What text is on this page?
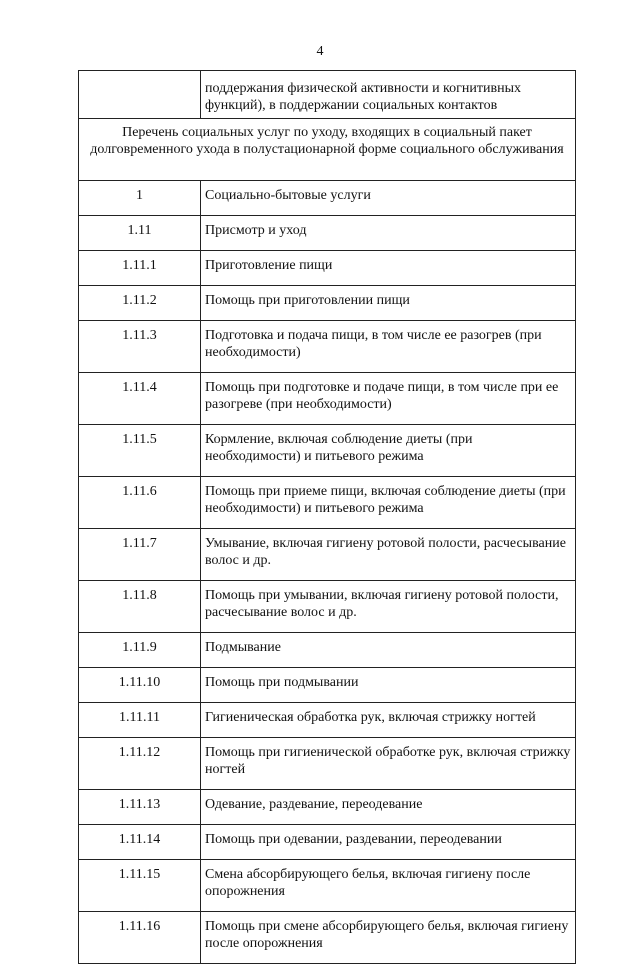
4
	поддержания физической активности и когнитивных функций), в поддержании социальных контактов
Перечень социальных услуг по уходу, входящих в социальный пакет долговременного ухода в полустационарной форме социального обслуживания	
1	Социально-бытовые услуги
1.11	Присмотр и уход
1.11.1	Приготовление пищи
1.11.2	Помощь при приготовлении пищи
1.11.3	Подготовка и подача пищи, в том числе ее разогрев (при необходимости)
1.11.4	Помощь при подготовке и подаче пищи, в том числе при ее разогреве (при необходимости)
1.11.5	Кормление, включая соблюдение диеты (при необходимости) и питьевого режима
1.11.6	Помощь при приеме пищи, включая соблюдение диеты (при необходимости) и питьевого режима
1.11.7	Умывание, включая гигиену ротовой полости, расчесывание волос и др.
1.11.8	Помощь при умывании, включая гигиену ротовой полости, расчесывание волос и др.
1.11.9	Подмывание
1.11.10	Помощь при подмывании
1.11.11	Гигиеническая обработка рук, включая стрижку ногтей
1.11.12	Помощь при гигиенической обработке рук, включая стрижку ногтей
1.11.13	Одевание, раздевание, переодевание
1.11.14	Помощь при одевании, раздевании, переодевании
1.11.15	Смена абсорбирующего белья, включая гигиену после опорожнения
1.11.16	Помощь при смене абсорбирующего белья, включая гигиену после опорожнения
